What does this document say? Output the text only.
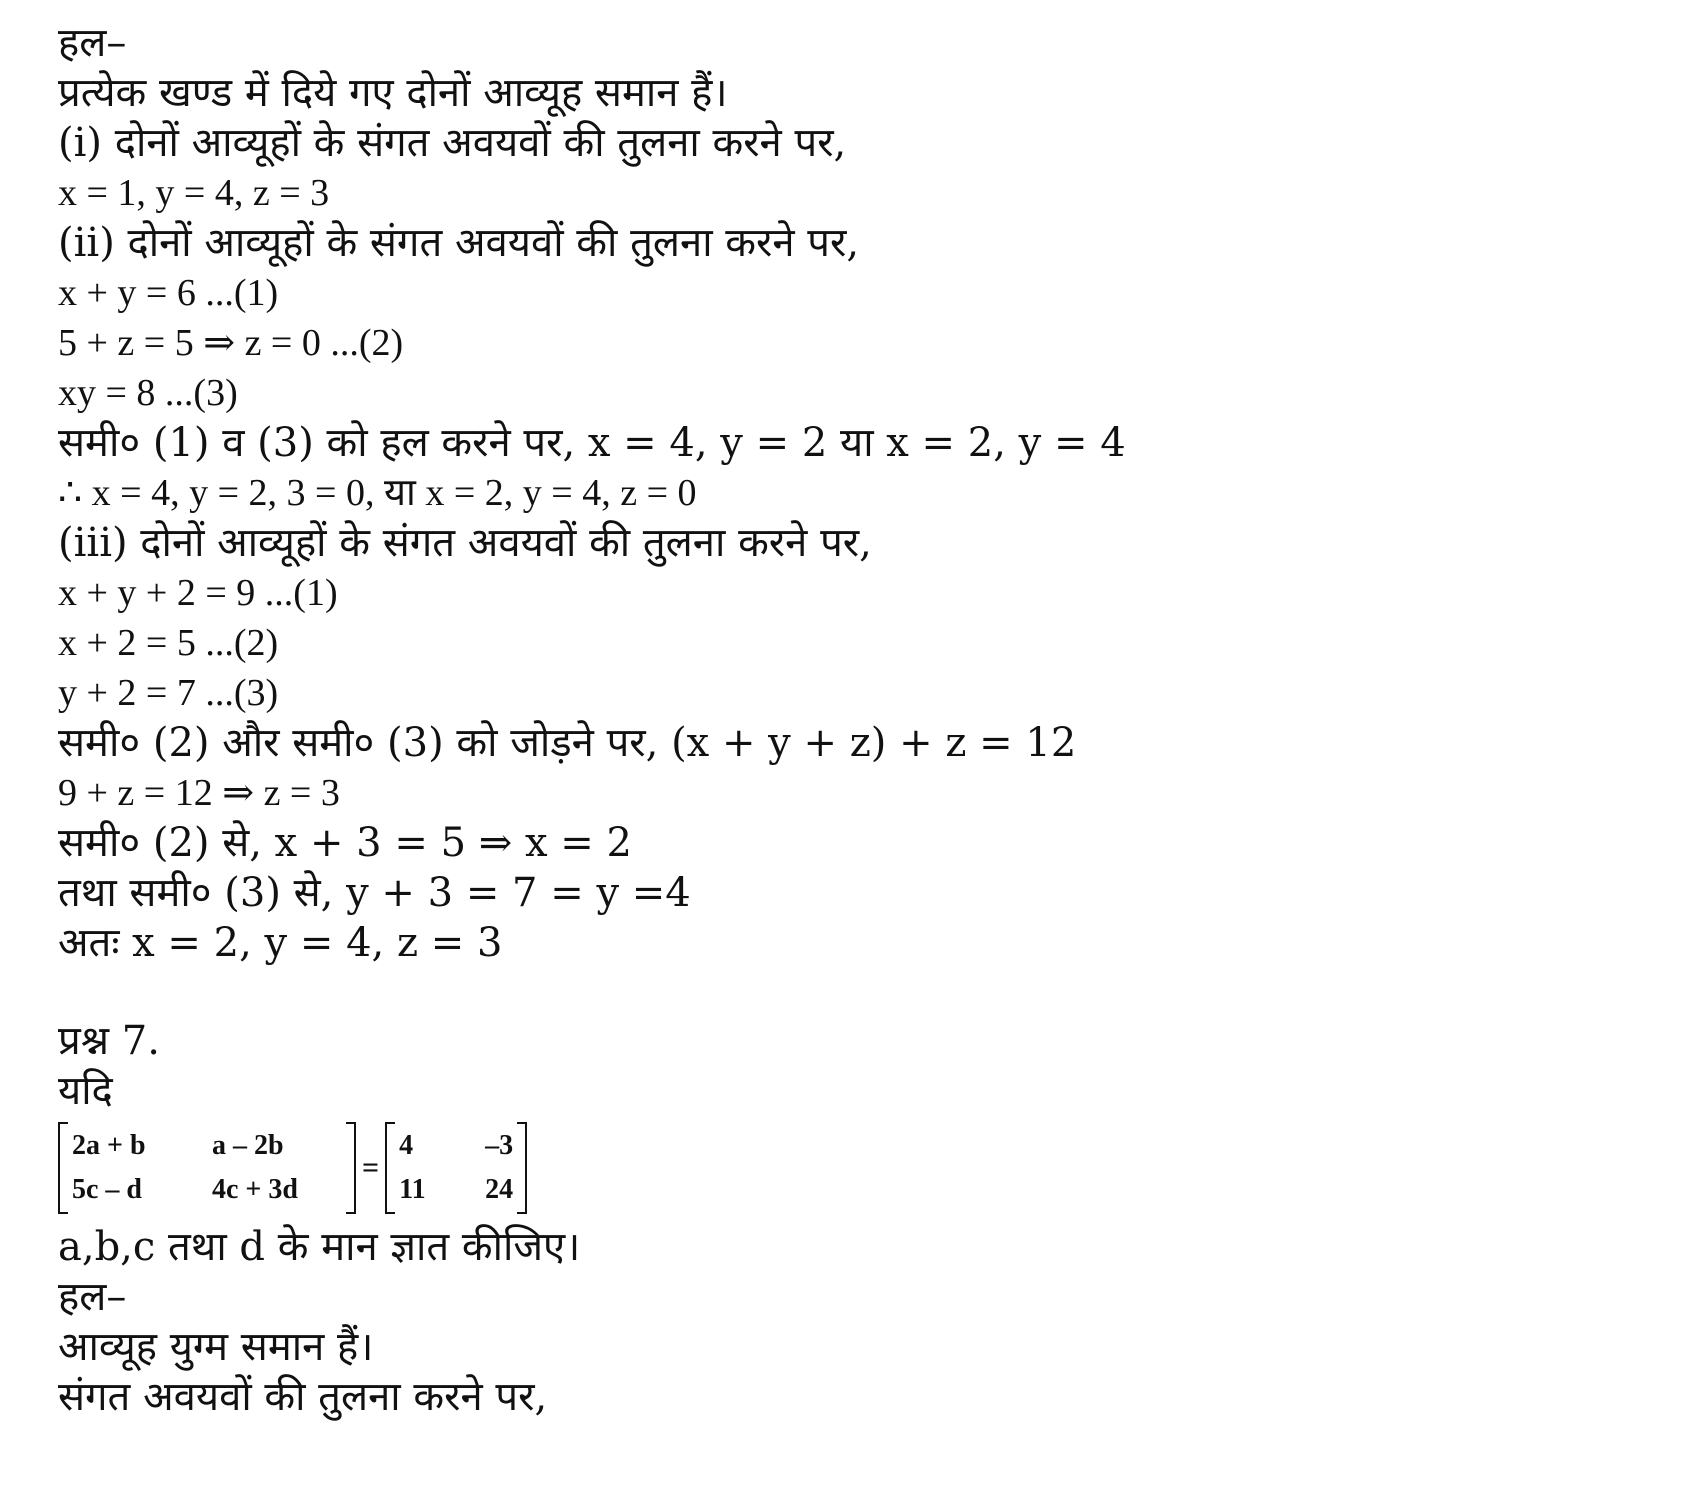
हल–
प्रत्येक खण्ड में दिये गए दोनों आव्यूह समान हैं।
(i) दोनों आव्यूहों के संगत अवयवों की तुलना करने पर,
x = 1, y = 4, z = 3
(ii) दोनों आव्यूहों के संगत अवयवों की तुलना करने पर,
x + y = 6 ...(1)
5 + z = 5 ⇒ z = 0 ...(2)
xy = 8 ...(3)
समी० (1) व (3) को हल करने पर, x = 4, y = 2 या x = 2, y = 4
∴ x = 4, y = 2, 3 = 0, या x = 2, y = 4, z = 0
(iii) दोनों आव्यूहों के संगत अवयवों की तुलना करने पर,
x + y + 2 = 9 ...(1)
x + 2 = 5 ...(2)
y + 2 = 7 ...(3)
समी० (2) और समी० (3) को जोड़ने पर, (x + y + z) + z = 12
9 + z = 12 ⇒ z = 3
समी० (2) से, x + 3 = 5 ⇒ x = 2
तथा समी० (3) से, y + 3 = 7 = y =4
अतः x = 2, y = 4, z = 3
प्रश्न 7.
यदि
2a + b	a – 2b
5c – d	4c + 3d
=
4	–3
11	24
a,b,c तथा d के मान ज्ञात कीजिए।
हल–
आव्यूह युग्म समान हैं।
संगत अवयवों की तुलना करने पर,
